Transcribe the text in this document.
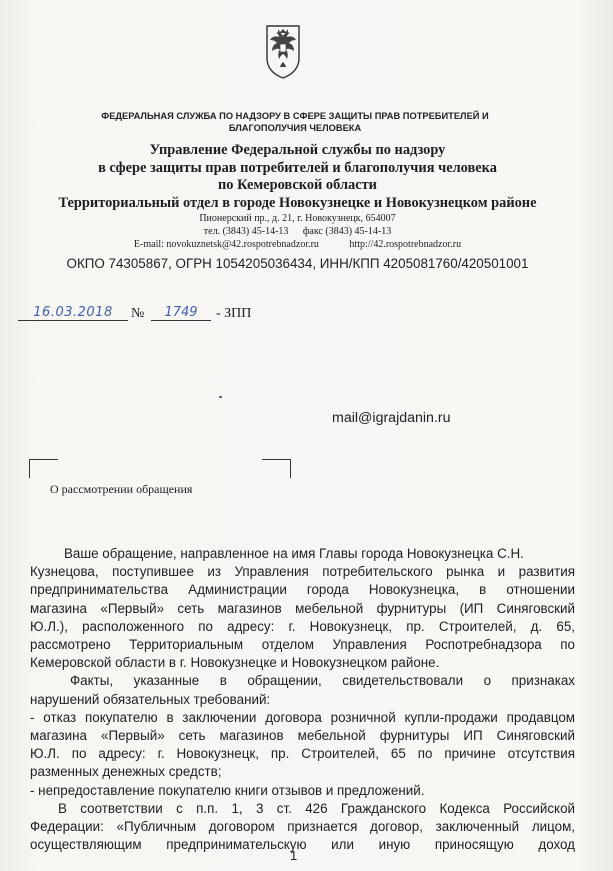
ФЕДЕРАЛЬНАЯ СЛУЖБА ПО НАДЗОРУ В СФЕРЕ ЗАЩИТЫ ПРАВ ПОТРЕБИТЕЛЕЙ И БЛАГОПОЛУЧИЯ ЧЕЛОВЕКА
Управление Федеральной службы по надзору
в сфере защиты прав потребителей и благополучия человека
по Кемеровской области
Территориальный отдел в городе Новокузнецке и Новокузнецком районе
Пионерский пр., д. 21, г. Новокузнецк, 654007
тел. (3843) 45-14-13 факс (3843) 45-14-13
E-mail: novokuznetsk@42.rospotrebnadzor.ru	http://42.rospotrebnadzor.ru
ОКПО 74305867, ОГРН 1054205036434, ИНН/КПП 4205081760/420501001
16.03.2018	№	1749	- ЗПП
mail@igrajdanin.ru
О рассмотрении обращения
Ваше обращение, направленное на имя Главы города Новокузнецка С.Н.
Кузнецова, поступившее из Управления потребительского рынка и развития
предпринимательства Администрации города Новокузнецка, в отношении
магазина «Первый» сеть магазинов мебельной фурнитуры (ИП Синяговский
Ю.Л.), расположенного по адресу: г. Новокузнецк, пр. Строителей, д. 65,
рассмотрено Территориальным отделом Управления Роспотребнадзора по
Кемеровской области в г. Новокузнецке и Новокузнецком районе.
Факты, указанные в обращении, свидетельствовали о признаках
нарушений обязательных требований:
- отказ покупателю в заключении договора розничной купли-продажи продавцом
магазина «Первый» сеть магазинов мебельной фурнитуры ИП Синяговский
Ю.Л. по адресу: г. Новокузнецк, пр. Строителей, 65 по причине отсутствия
разменных денежных средств;
- непредоставление покупателю книги отзывов и предложений.
В соответствии с п.п. 1, 3 ст. 426 Гражданского Кодекса Российской
Федерации: «Публичным договором признается договор, заключенный лицом,
осуществляющим предпринимательскую или иную приносящую доход
1
